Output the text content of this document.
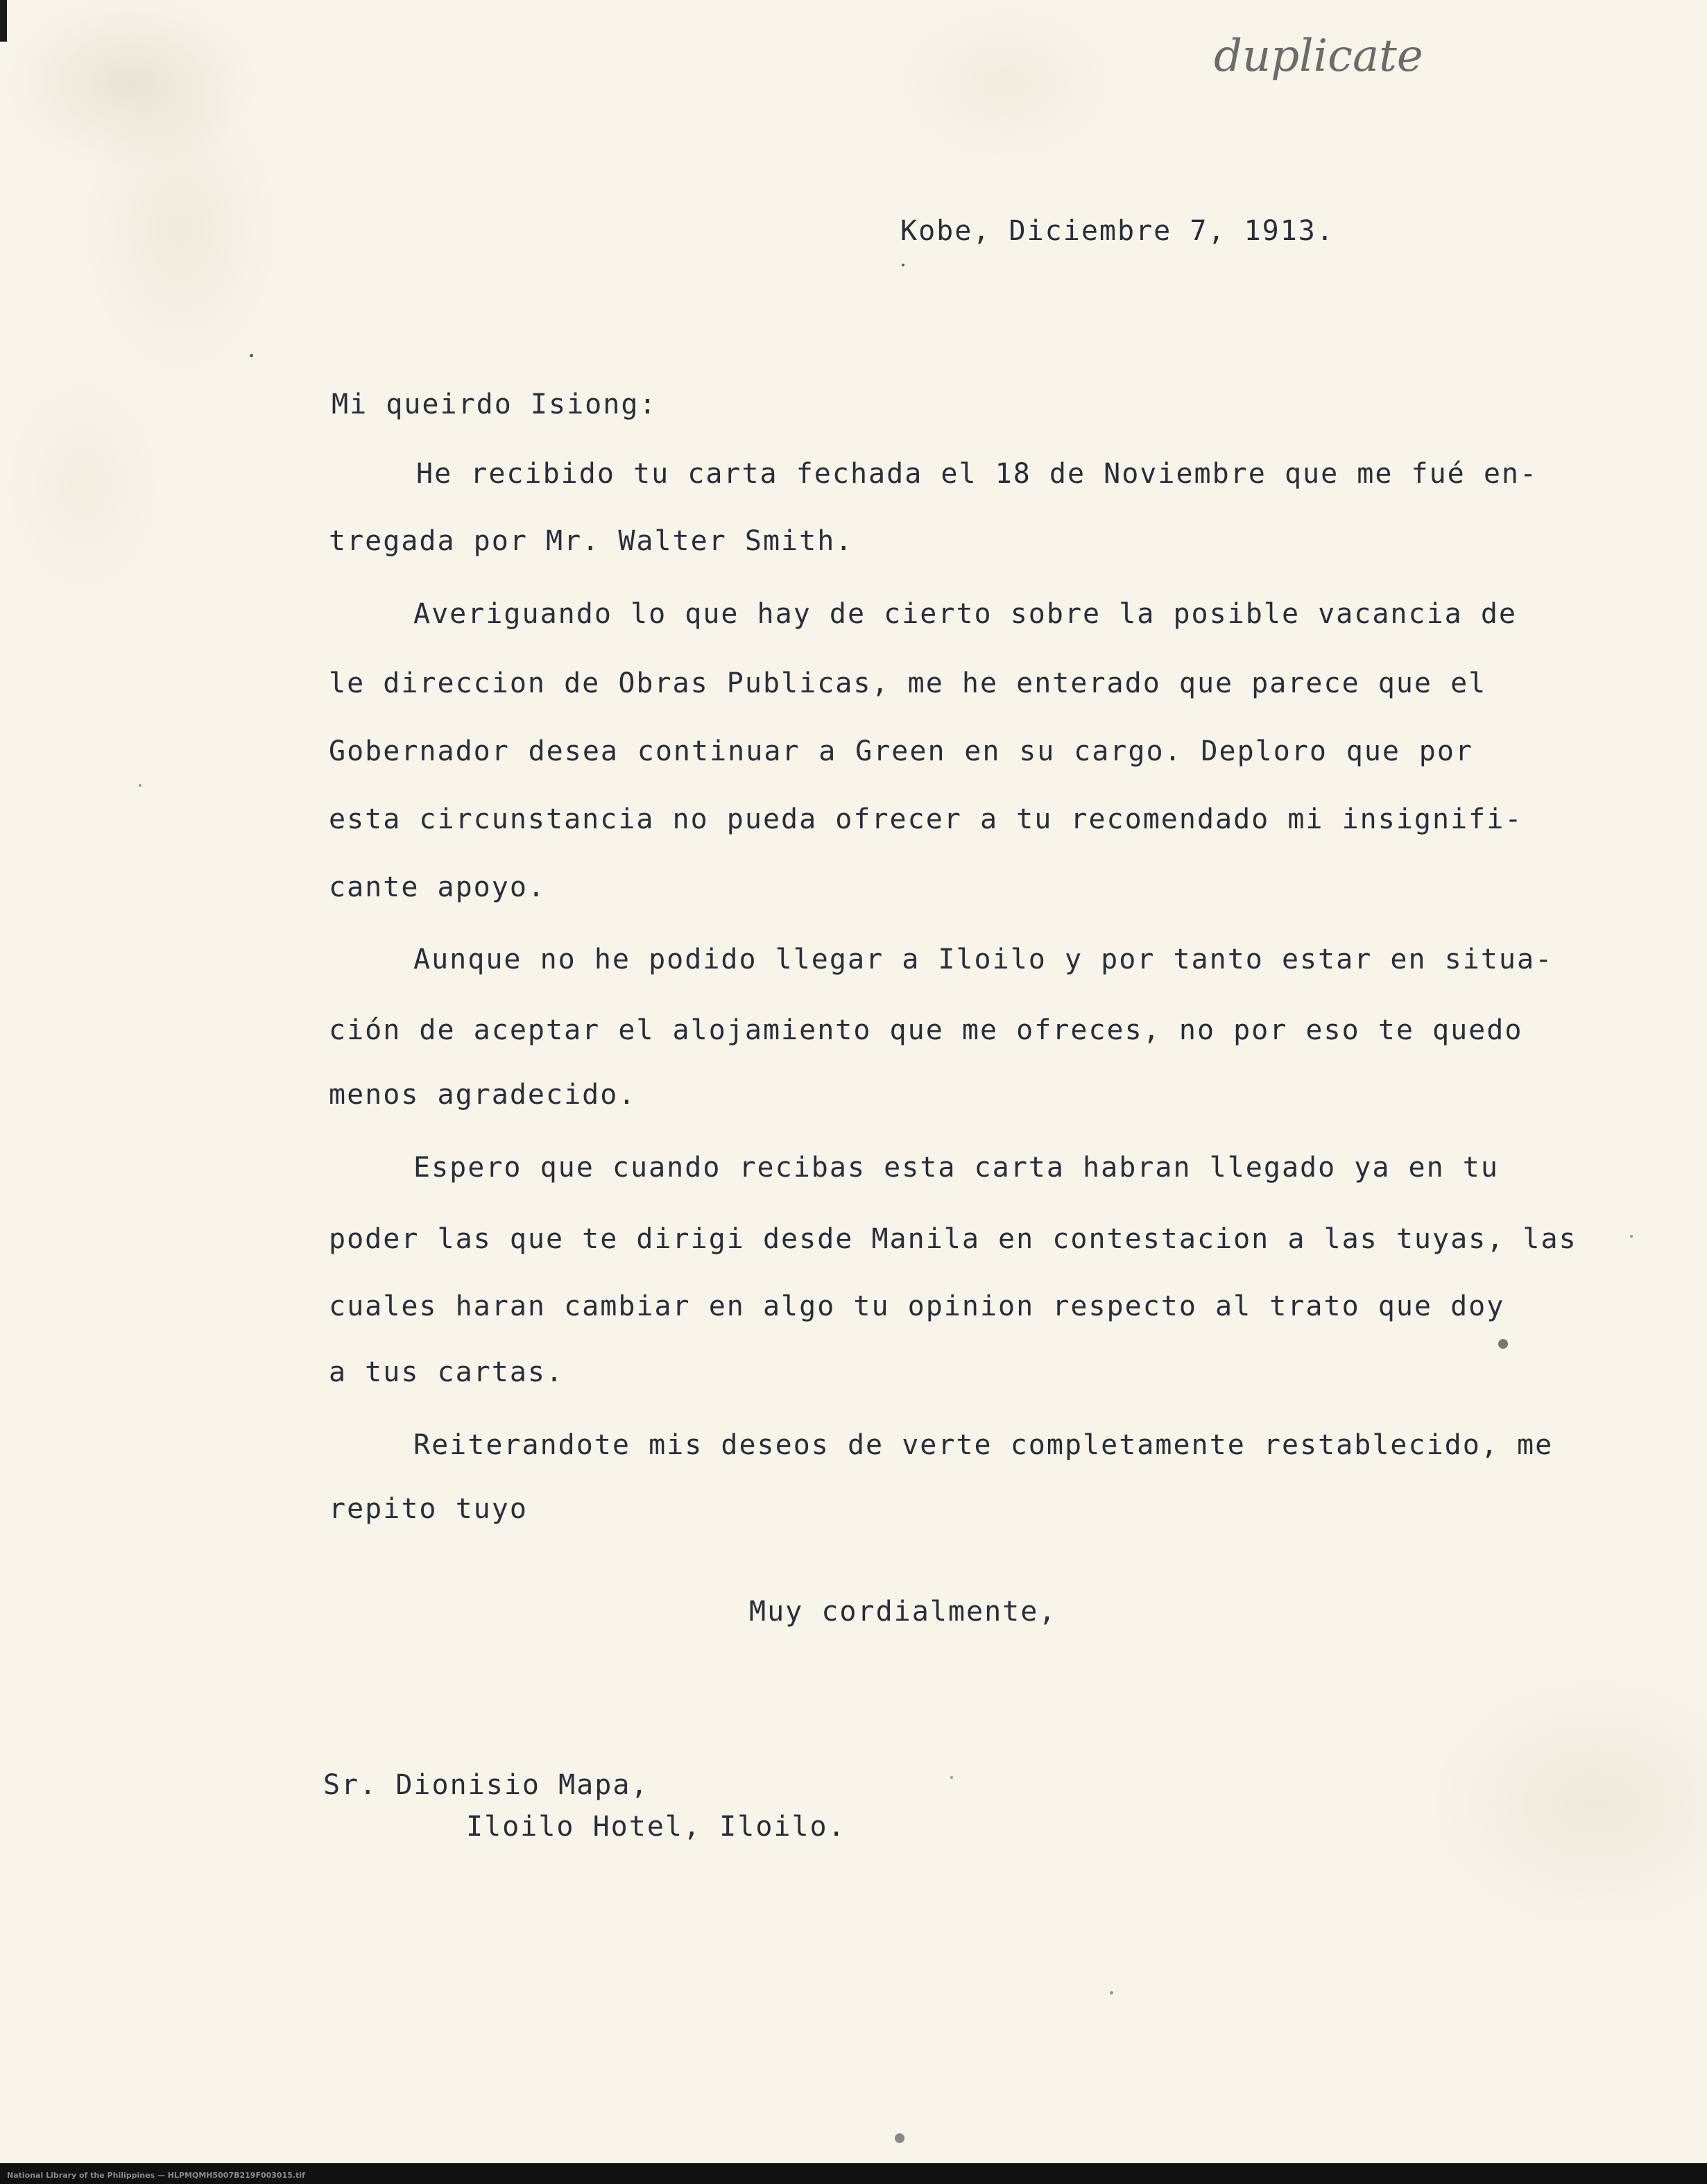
duplicate
Kobe, Diciembre 7, 1913.
Mi queirdo Isiong:
He recibido tu carta fechada el 18 de Noviembre que me fué en-
tregada por Mr. Walter Smith.
Averiguando lo que hay de cierto sobre la posible vacancia de
le direccion de Obras Publicas, me he enterado que parece que el
Gobernador desea continuar a Green en su cargo. Deploro que por
esta circunstancia no pueda ofrecer a tu recomendado mi insignifi-
cante apoyo.
Aunque no he podido llegar a Iloilo y por tanto estar en situa-
ción de aceptar el alojamiento que me ofreces, no por eso te quedo
menos agradecido.
Espero que cuando recibas esta carta habran llegado ya en tu
poder las que te dirigi desde Manila en contestacion a las tuyas, las
cuales haran cambiar en algo tu opinion respecto al trato que doy
a tus cartas.
Reiterandote mis deseos de verte completamente restablecido, me
repito tuyo
Muy cordialmente,
Sr. Dionisio Mapa,
Iloilo Hotel, Iloilo.
National Library of the Philippines — HLPMQMH5007B219F003015.tif
